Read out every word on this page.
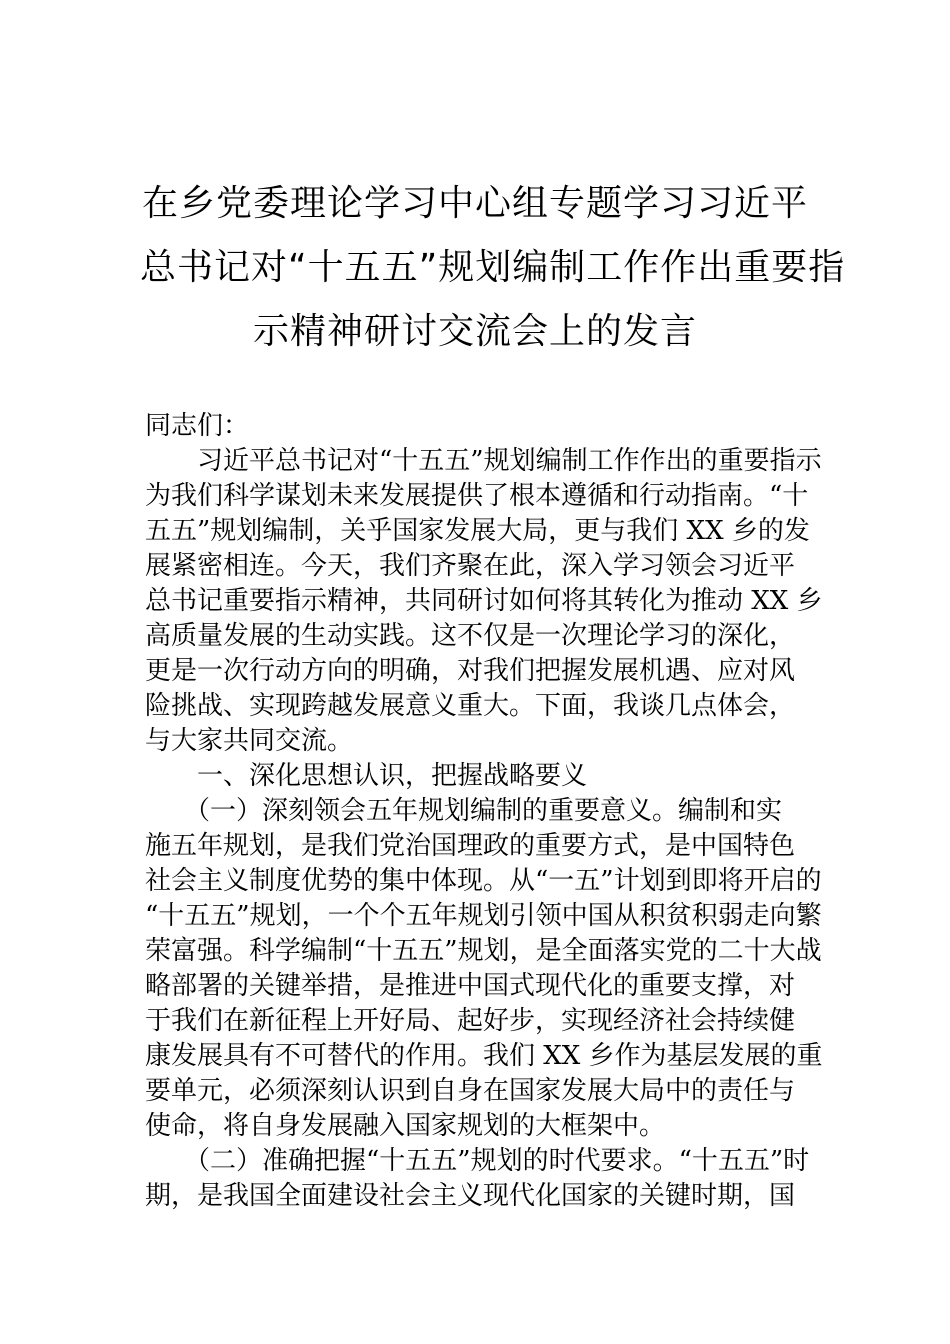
在乡党委理论学习中心组专题学习习近平
总书记对“十五五”规划编制工作作出重要指
示精神研讨交流会上的发言
同志们：
　　习近平总书记对“十五五”规划编制工作作出的重要指示
为我们科学谋划未来发展提供了根本遵循和行动指南。“十
五五”规划编制，关乎国家发展大局，更与我们 XX 乡的发
展紧密相连。今天，我们齐聚在此，深入学习领会习近平
总书记重要指示精神，共同研讨如何将其转化为推动 XX 乡
高质量发展的生动实践。这不仅是一次理论学习的深化，
更是一次行动方向的明确，对我们把握发展机遇、应对风
险挑战、实现跨越发展意义重大。下面，我谈几点体会，
与大家共同交流。
　　一、深化思想认识，把握战略要义
　　（一）深刻领会五年规划编制的重要意义。编制和实
施五年规划，是我们党治国理政的重要方式，是中国特色
社会主义制度优势的集中体现。从“一五”计划到即将开启的
“十五五”规划，一个个五年规划引领中国从积贫积弱走向繁
荣富强。科学编制“十五五”规划，是全面落实党的二十大战
略部署的关键举措，是推进中国式现代化的重要支撑，对
于我们在新征程上开好局、起好步，实现经济社会持续健
康发展具有不可替代的作用。我们 XX 乡作为基层发展的重
要单元，必须深刻认识到自身在国家发展大局中的责任与
使命，将自身发展融入国家规划的大框架中。
　　（二）准确把握“十五五”规划的时代要求。“十五五”时
期，是我国全面建设社会主义现代化国家的关键时期，国
